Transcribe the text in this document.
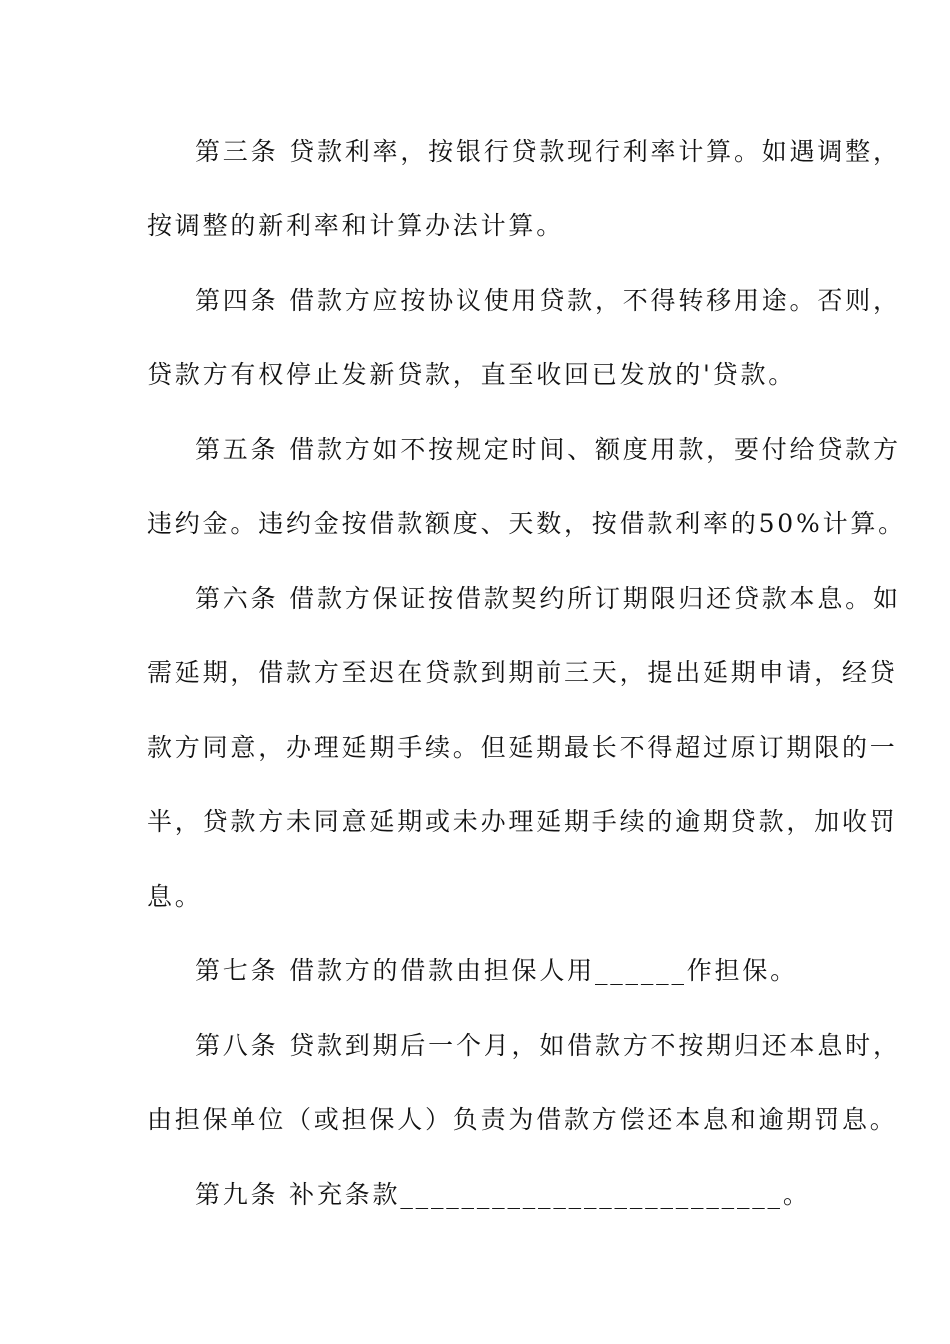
第三条 贷款利率，按银行贷款现行利率计算。如遇调整，
按调整的新利率和计算办法计算。
第四条 借款方应按协议使用贷款，不得转移用途。否则，
贷款方有权停止发新贷款，直至收回已发放的'贷款。
第五条 借款方如不按规定时间、额度用款，要付给贷款方
违约金。违约金按借款额度、天数，按借款利率的50%计算。
第六条 借款方保证按借款契约所订期限归还贷款本息。如
需延期，借款方至迟在贷款到期前三天，提出延期申请，经贷
款方同意，办理延期手续。但延期最长不得超过原订期限的一
半，贷款方未同意延期或未办理延期手续的逾期贷款，加收罚
息。
第七条 借款方的借款由担保人用______作担保。
第八条 贷款到期后一个月，如借款方不按期归还本息时，
由担保单位（或担保人）负责为借款方偿还本息和逾期罚息。
第九条 补充条款_________________________。
